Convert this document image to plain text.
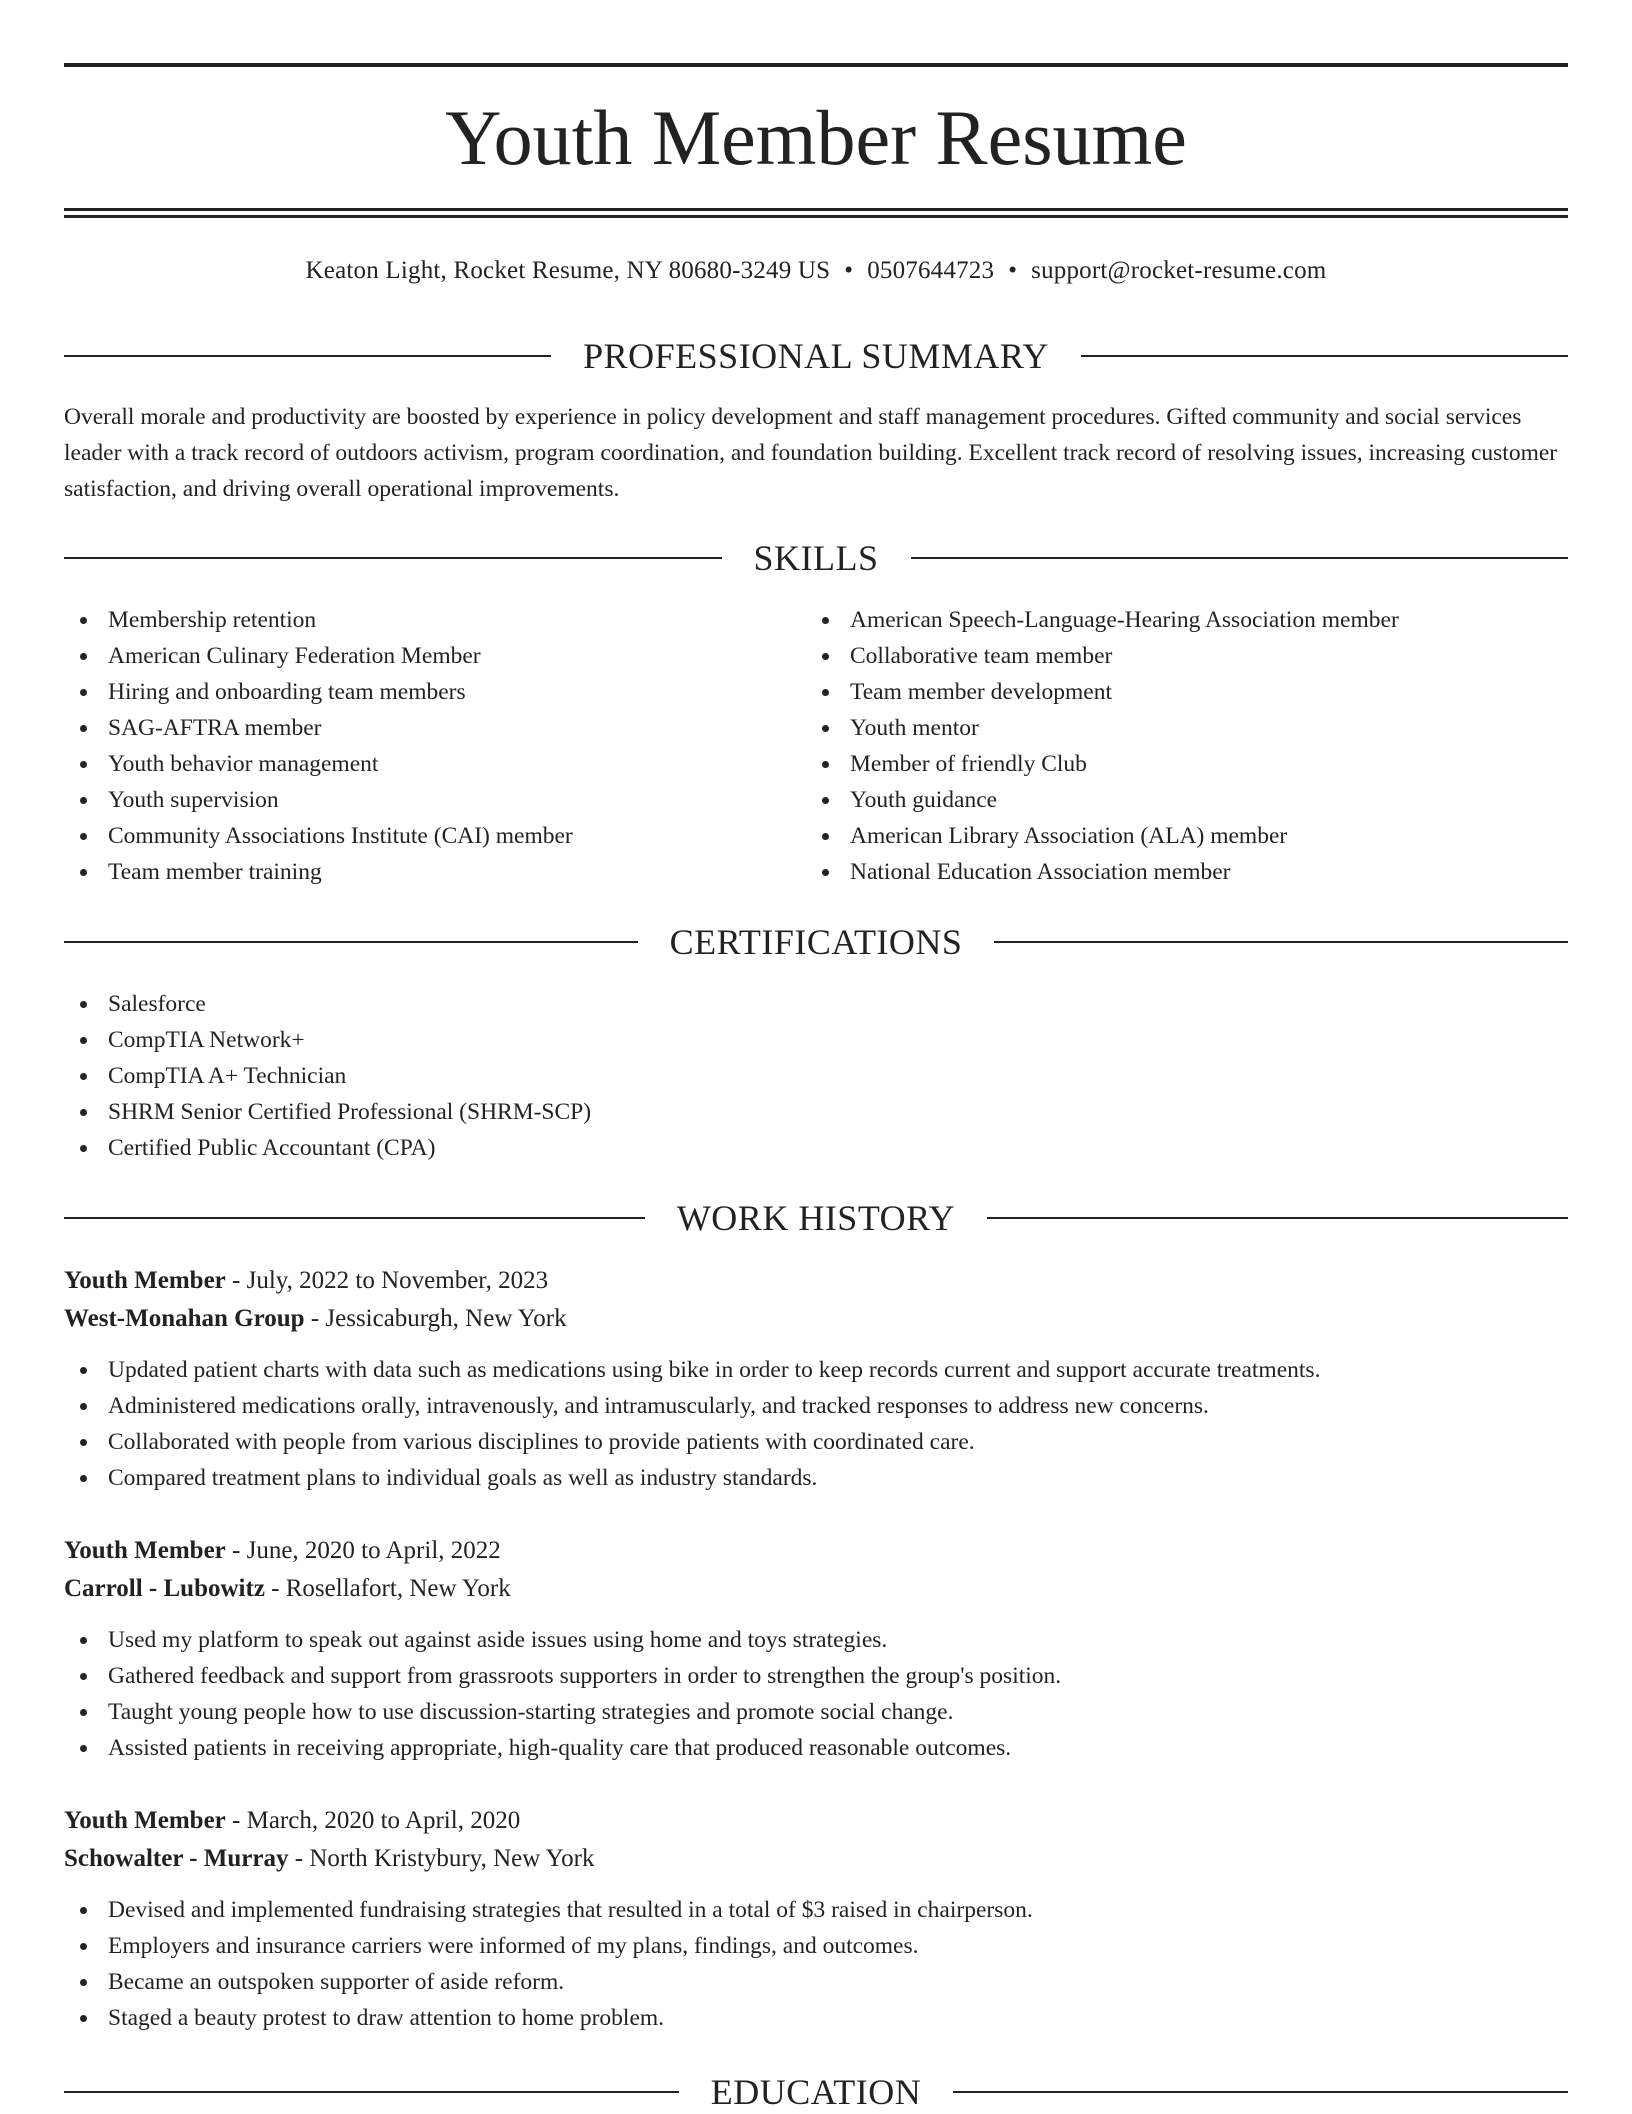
Youth Member Resume
Keaton Light, Rocket Resume, NY 80680-3249 US • 0507644723 • support@rocket-resume.com
PROFESSIONAL SUMMARY

Overall morale and productivity are boosted by experience in policy development and staff management procedures. Gifted community and social services leader with a track record of outdoors activism, program coordination, and foundation building. Excellent track record of resolving issues, increasing customer satisfaction, and driving overall operational improvements.

SKILLS
Membership retention
American Culinary Federation Member
Hiring and onboarding team members
SAG-AFTRA member
Youth behavior management
Youth supervision
Community Associations Institute (CAI) member
Team member training
American Speech-Language-Hearing Association member
Collaborative team member
Team member development
Youth mentor
Member of friendly Club
Youth guidance
American Library Association (ALA) member
National Education Association member
CERTIFICATIONS
Salesforce
CompTIA Network+
CompTIA A+ Technician
SHRM Senior Certified Professional (SHRM-SCP)
Certified Public Accountant (CPA)
WORK HISTORY
Youth Member - July, 2022 to November, 2023
West-Monahan Group - Jessicaburgh, New York
Updated patient charts with data such as medications using bike in order to keep records current and support accurate treatments.
Administered medications orally, intravenously, and intramuscularly, and tracked responses to address new concerns.
Collaborated with people from various disciplines to provide patients with coordinated care.
Compared treatment plans to individual goals as well as industry standards.
Youth Member - June, 2020 to April, 2022
Carroll - Lubowitz - Rosellafort, New York
Used my platform to speak out against aside issues using home and toys strategies.
Gathered feedback and support from grassroots supporters in order to strengthen the group's position.
Taught young people how to use discussion-starting strategies and promote social change.
Assisted patients in receiving appropriate, high-quality care that produced reasonable outcomes.
Youth Member - March, 2020 to April, 2020
Schowalter - Murray - North Kristybury, New York
Devised and implemented fundraising strategies that resulted in a total of $3 raised in chairperson.
Employers and insurance carriers were informed of my plans, findings, and outcomes.
Became an outspoken supporter of aside reform.
Staged a beauty protest to draw attention to home problem.
EDUCATION
